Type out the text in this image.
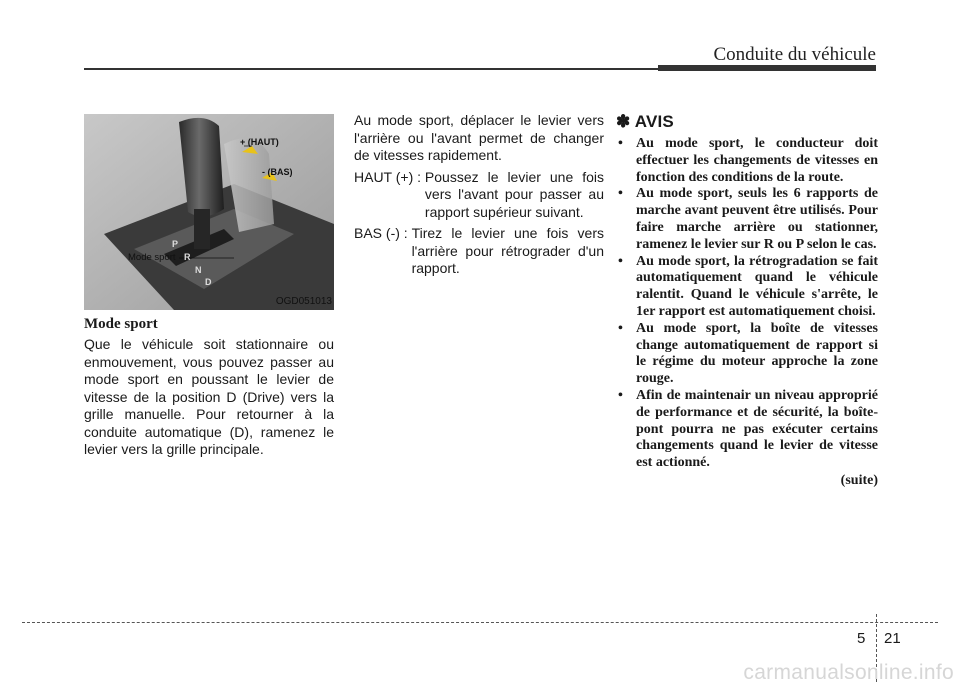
Conduite du véhicule
+ (HAUT)
- (BAS)
Mode sport
P
R
N
D
OGD051013

Mode sport

Que le véhicule soit stationnaire ou enmouvement, vous pouvez passer au mode sport en poussant le levier de vitesse de la position D (Drive) vers la grille manuelle. Pour retourner à la conduite automatique (D), ramenez le levier vers la grille principale.

Au mode sport, déplacer le levier vers l'arrière ou l'avant permet de changer de vitesses rapidement.

HAUT (+) : Poussez le levier une fois vers l'avant pour passer au rapport supérieur suivant.
BAS (-) : Tirez le levier une fois vers l'arrière pour rétrograder d'un rapport.
✽ AVIS
• Au mode sport, le conducteur doit effectuer les changements de vitesses en fonction des conditions de la route.
• Au mode sport, seuls les 6 rapports de marche avant peuvent être utilisés. Pour faire marche arrière ou stationner, ramenez le levier sur R ou P selon le cas.
• Au mode sport, la rétrogradation se fait automatiquement quand le véhicule ralentit. Quand le véhicule s'arrête, le 1er rapport est automatiquement choisi.
• Au mode sport, la boîte de vitesses change automatiquement de rapport si le régime du moteur approche la zone rouge.
• Afin de maintenair un niveau approprié de performance et de sécurité, la boîte-pont pourra ne pas exécuter certains changements quand le levier de vitesse est actionné.
(suite)
5 21
carmanualsonline.info
